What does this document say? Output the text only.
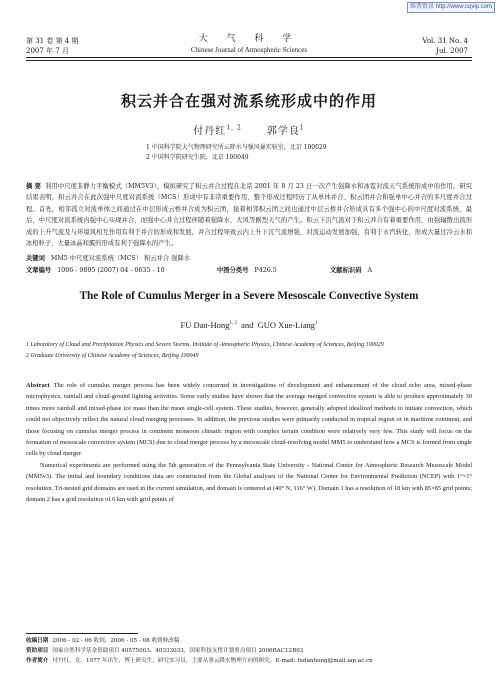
维普资讯 http://www.cqvip.com
第 31 卷 第 4 期
2007 年 7 月
大 气 科 学
Chinese Journal of Atmospheric Sciences
Vol. 31 No. 4
Jul. 2007
积云并合在强对流系统形成中的作用
付丹红$^{1, 2}$	郭学良$^1$
1 中国科学院大气物理研究所云降水与强风暴实验室，北京 100029
2 中国科学院研究生院，北京 100049
摘 要 利用中尺度非静力平衡模式（MM5V3），模拟研究了积云并合过程在北京 2001 年 8 月 23 日一次产生强降水和冰雹对流天气系统形成中的作用。研究结果表明，积云并合在此次强中尺度对流系统（MCS）形成中有非常重要作用，整个形成过程经历了从单体并合、积云团并合和强单中心并合的多尺度并合过程。首先，相邻孤立对流单体之间通过在中层形成云桥并合成为积云团，接着相邻积云团之间也通过中层云桥并合形成具有多个强中心的中尺度对流系统，最后，中尺度对流系统内强中心实现并合，而强中心并合过程伴随着强降水、大风等剧烈天气的产生。积云下沉气流对于积云并合有着重要作用，由强辐散出流形成的上升气流及与环境风相互作用有利于并合的形成和发展。并合过程导致云内上升下沉气流增强，对流运动发展加强，有利于水汽转化，形成大量过冷云水和冰相粒子，大量冰晶和霰的形成有利于强降水的产生。
关键词 MM5 中尺度对流系统（MCS） 积云并合 强降水
文章编号 1006 - 9895 (2007) 04 - 0635 - 10	中图分类号 P426.5	文献标识码 A
The Role of Cumulus Merger in a Severe Mesoscale Convective System
FU Dan-Hong$^{1, 2}$  and  GUO Xue-Liang$^1$
1 Laboratory of Cloud and Precipitation Physics and Severe Storms, Institute of Atmospheric Physics, Chinese Academy of Sciences, Beijing 100029
2 Graduate University of Chinese Academy of Sciences, Beijing 100049

Abstract The role of cumulus merger process has been widely concerned in investigations of development and enhancement of the cloud echo area, mixed-phase microphysics, rainfall and cloud-ground lighting activities. Some early studies have shown that the average merged convective system is able to produce approximately 30 times more rainfall and mixed-phase ice mass than the mean single-cell system. These studies, however, generally adopted idealized methods to initiate convection, which could not objectively reflect the natural cloud merging processes. In addition, the previous studies were primarily conducted in tropical region or in maritime continent, and those focusing on cumulus merger process in continent monsoon climatic region with complex terrain condition were relatively very few. This study will focus on the formation of mesoscale convective system (MCS) due to cloud merger process by a mesoscale cloud-resolving model MM5 to understand how a MCS is formed from single cells by cloud merger.

Numerical experiments are performed using the 5th generation of the Pennsylvania State University - National Center for Atmospheric Research Mesoscale Model (MM5v3). The initial and boundary conditions data are constructed from the Global analyses of the National Center for Environmental Prediction (NCEP) with 1°×1° resolution. Tri-nested grid domains are used in the current simulation, and domain is centered at (40° N, 116° W). Domain 1 has a resolution of 18 km with 85×85 grid points; domain 2 has a grid resolution of 6 km with grid points of

收稿日期 2006 - 02 - 06 收到，2006 - 05 - 08 收到修改稿
资助项目 国家自然科学基金资助项目 40575003、40333033，国家科技支撑计划重点项目 2006BAC12B03
作者简介 付丹红，女，1977 年出生，博士研究生，研究实习员，主要从事云降水物理方向的研究。E-mail: fudanhong@mail.iap.ac.cn
